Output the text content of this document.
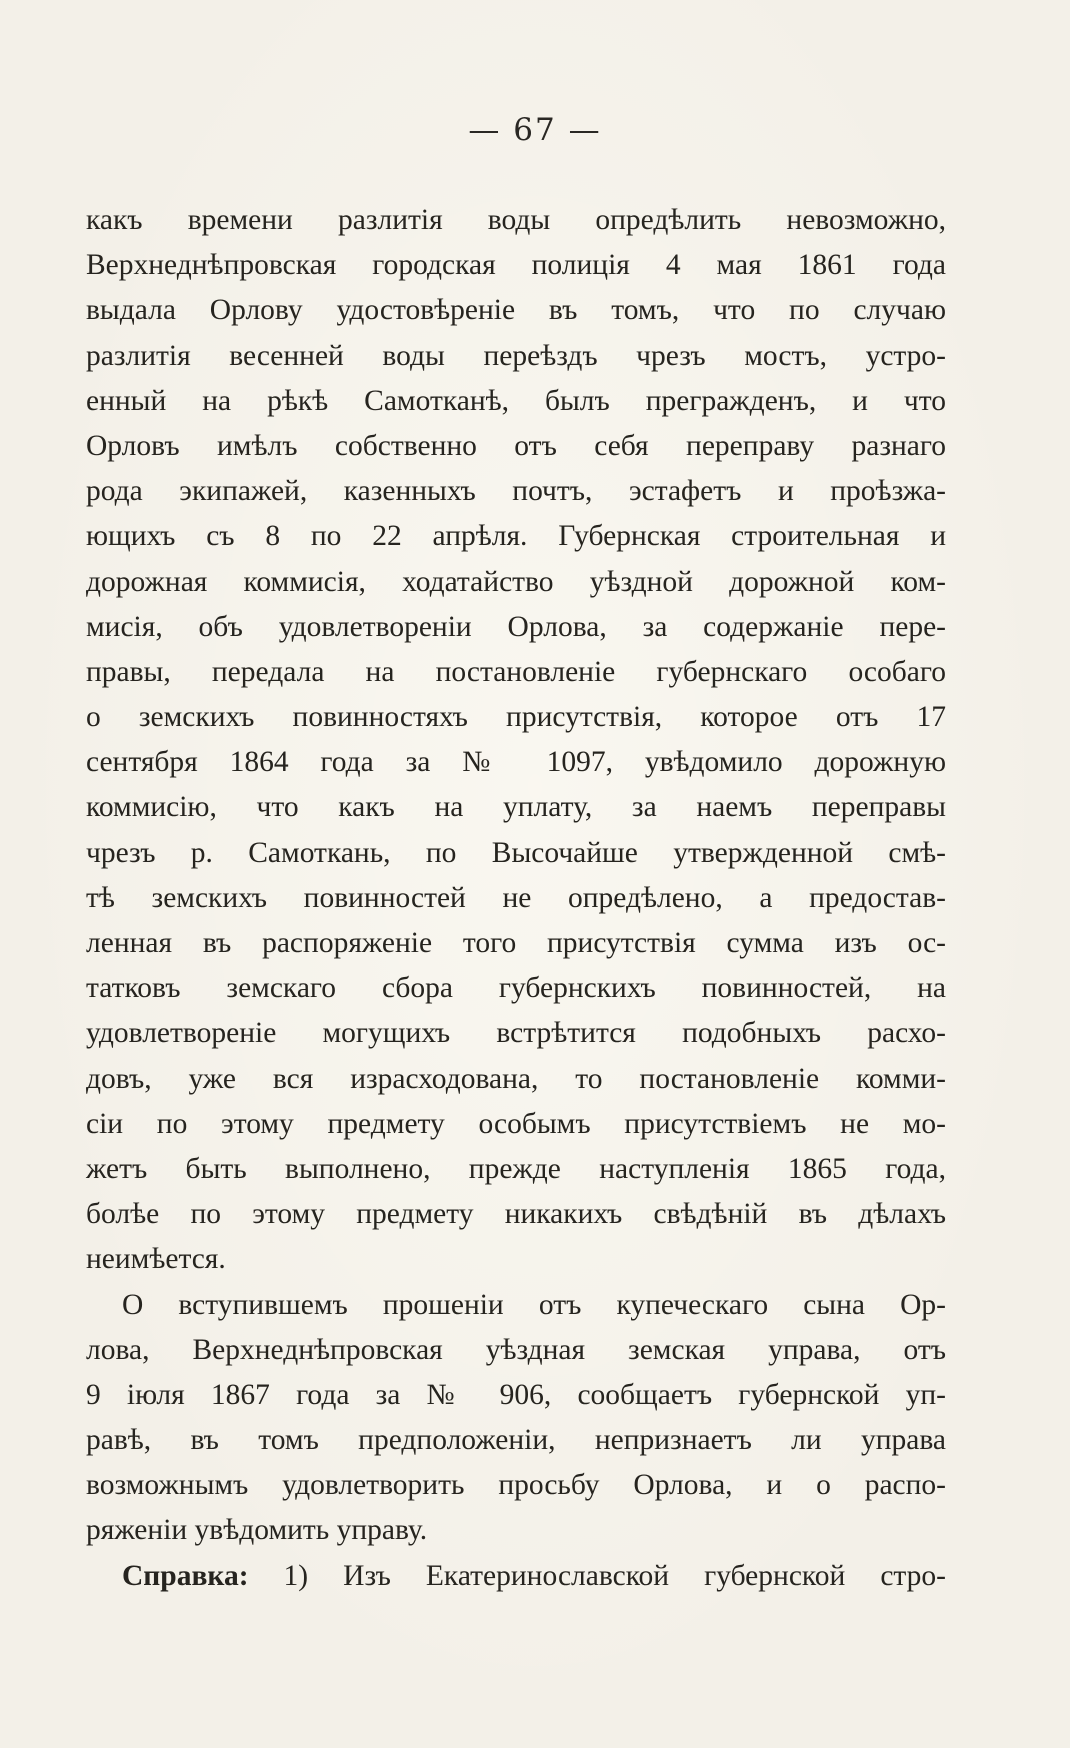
— 67 —
какъ времени разлитія воды опредѣлить невозможно,
Верхнеднѣпровская городская полиція 4 мая 1861 года
выдала Орлову удостовѣреніе въ томъ, что по случаю
разлитія весенней воды переѣздъ чрезъ мостъ, устро-
енный на рѣкѣ Самотканѣ, былъ прегражденъ, и что
Орловъ имѣлъ собственно отъ себя переправу разнаго
рода экипажей, казенныхъ почтъ, эстафетъ и проѣзжа-
ющихъ съ 8 по 22 апрѣля. Губернская строительная и
дорожная коммисія, ходатайство уѣздной дорожной ком-
мисія, объ удовлетвореніи Орлова, за содержаніе пере-
правы, передала на постановленіе губернскаго особаго
о земскихъ повинностяхъ присутствія, которое отъ 17
сентября 1864 года за № 1097, увѣдомило дорожную
коммисію, что какъ на уплату, за наемъ переправы
чрезъ р. Самоткань, по Высочайше утвержденной смѣ-
тѣ земскихъ повинностей не опредѣлено, а предостав-
ленная въ распоряженіе того присутствія сумма изъ ос-
татковъ земскаго сбора губернскихъ повинностей, на
удовлетвореніе могущихъ встрѣтится подобныхъ расхо-
довъ, уже вся израсходована, то постановленіе комми-
сіи по этому предмету особымъ присутствіемъ не мо-
жетъ быть выполнено, прежде наступленія 1865 года,
болѣе по этому предмету никакихъ свѣдѣній въ дѣлахъ
неимѣется.
О вступившемъ прошеніи отъ купеческаго сына Ор-
лова, Верхнеднѣпровская уѣздная земская управа, отъ
9 іюля 1867 года за № 906, сообщаетъ губернской уп-
равѣ, въ томъ предположеніи, непризнаетъ ли управа
возможнымъ удовлетворить просьбу Орлова, и о распо-
ряженіи увѣдомить управу.
Справка: 1) Изъ Екатеринославской губернской стро-
